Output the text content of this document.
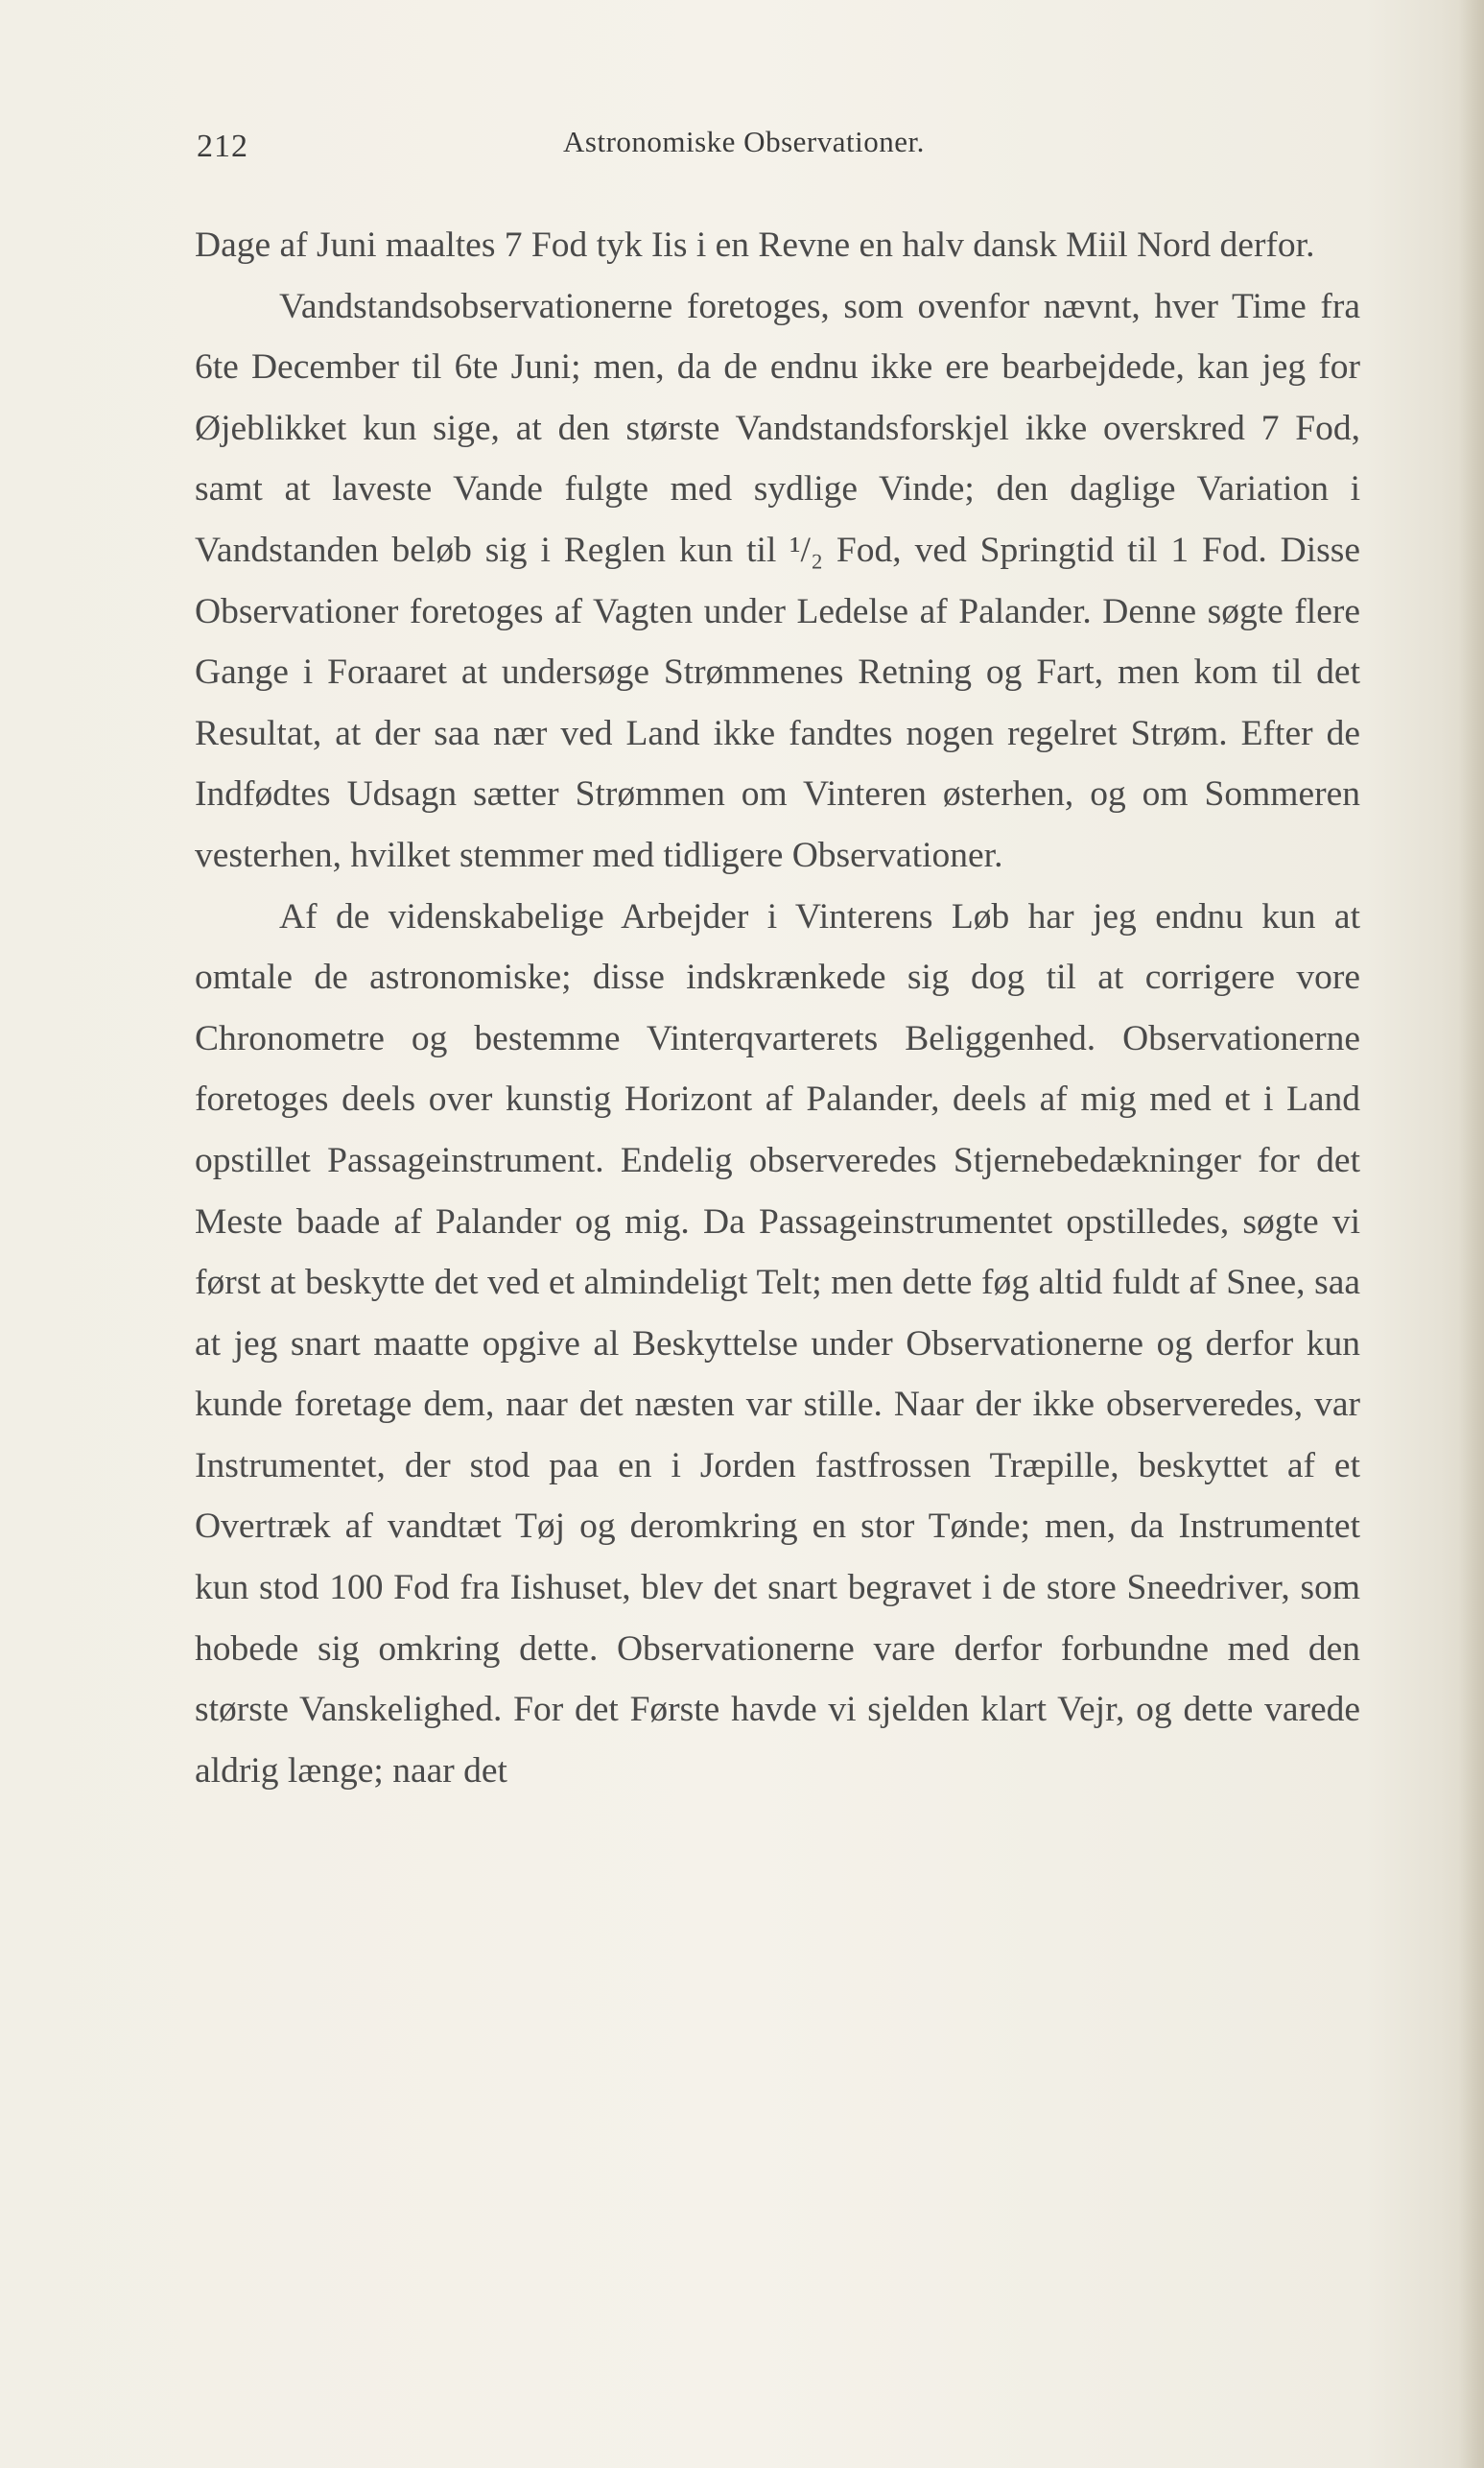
212	Astronomiske Observationer.

Dage af Juni maaltes 7 Fod tyk Iis i en Revne en halv dansk Miil Nord derfor.

Vandstandsobservationerne foretoges, som ovenfor nævnt, hver Time fra 6te December til 6te Juni; men, da de endnu ikke ere bearbejdede, kan jeg for Øjeblikket kun sige, at den største Vandstandsforskjel ikke overskred 7 Fod, samt at laveste Vande fulgte med sydlige Vinde; den daglige Variation i Vandstanden beløb sig i Reglen kun til ¹/₂ Fod, ved Springtid til 1 Fod. Disse Observationer foretoges af Vagten under Ledelse af Palander. Denne søgte flere Gange i Foraaret at undersøge Strømmenes Retning og Fart, men kom til det Resultat, at der saa nær ved Land ikke fandtes nogen regelret Strøm. Efter de Indfødtes Udsagn sætter Strømmen om Vinteren østerhen, og om Sommeren vesterhen, hvilket stemmer med tidligere Observationer.

Af de videnskabelige Arbejder i Vinterens Løb har jeg endnu kun at omtale de astronomiske; disse indskrænkede sig dog til at corrigere vore Chronometre og bestemme Vinterqvarterets Beliggenhed. Observationerne foretoges deels over kunstig Horizont af Palander, deels af mig med et i Land opstillet Passageinstrument. Endelig observeredes Stjernebedækninger for det Meste baade af Palander og mig. Da Passageinstrumentet opstilledes, søgte vi først at beskytte det ved et almindeligt Telt; men dette føg altid fuldt af Snee, saa at jeg snart maatte opgive al Beskyttelse under Observationerne og derfor kun kunde foretage dem, naar det næsten var stille. Naar der ikke observeredes, var Instrumentet, der stod paa en i Jorden fastfrossen Træpille, beskyttet af et Overtræk af vandtæt Tøj og deromkring en stor Tønde; men, da Instrumentet kun stod 100 Fod fra Iishuset, blev det snart begravet i de store Sneedriver, som hobede sig omkring dette. Observationerne vare derfor forbundne med den største Vanskelighed. For det Første havde vi sjelden klart Vejr, og dette varede aldrig længe; naar det
